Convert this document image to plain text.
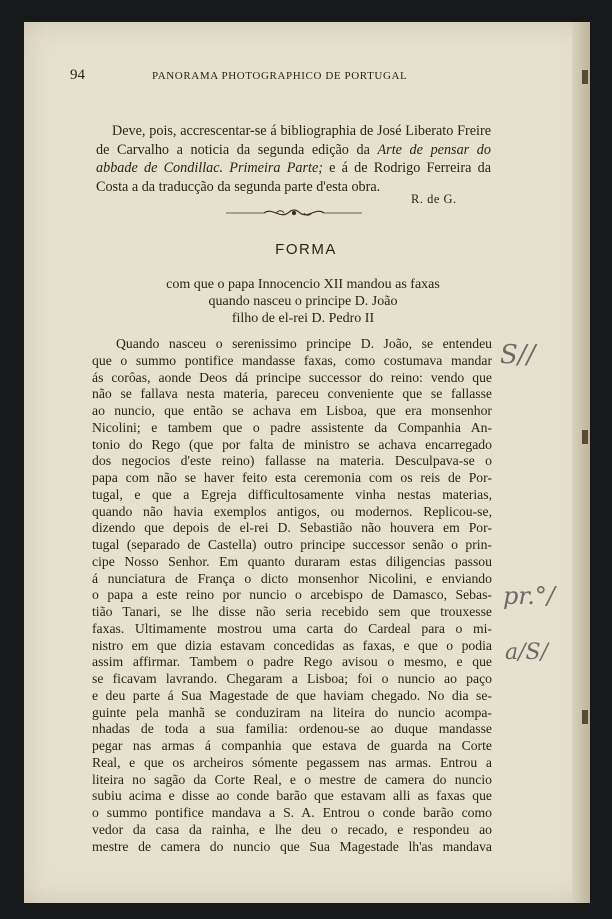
94	PANORAMA PHOTOGRAPHICO DE PORTUGAL

Deve, pois, accrescentar-se á bibliographia de José Liberato Freire de Carvalho a noticia da segunda edição da Arte de pensar do abbade de Condillac. Primeira Parte; e á de Rodrigo Ferreira da Costa a da traducção da segunda parte d'esta obra.

R. de G.
FORMA
com que o papa Innocencio XII mandou as faxas
quando nasceu o principe D. João
filho de el-rei D. Pedro II
Quando nasceu o serenissimo principe D. João, se entendeu
que o summo pontifice mandasse faxas, como costumava mandar
ás corôas, aonde Deos dá principe successor do reino: vendo que
não se fallava nesta materia, pareceu conveniente que se fallasse
ao nuncio, que então se achava em Lisboa, que era monsenhor
Nicolini; e tambem que o padre assistente da Companhia An-
tonio do Rego (que por falta de ministro se achava encarregado
dos negocios d'este reino) fallasse na materia. Desculpava-se o
papa com não se haver feito esta ceremonia com os reis de Por-
tugal, e que a Egreja difficultosamente vinha nestas materias,
quando não havia exemplos antigos, ou modernos. Replicou-se,
dizendo que depois de el-rei D. Sebastião não houvera em Por-
tugal (separado de Castella) outro principe successor senão o prin-
cipe Nosso Senhor. Em quanto duraram estas diligencias passou
á nunciatura de França o dicto monsenhor Nicolini, e enviando
o papa a este reino por nuncio o arcebispo de Damasco, Sebas-
tião Tanari, se lhe disse não seria recebido sem que trouxesse
faxas. Ultimamente mostrou uma carta do Cardeal para o mi-
nistro em que dizia estavam concedidas as faxas, e que o podia
assim affirmar. Tambem o padre Rego avisou o mesmo, e que
se ficavam lavrando. Chegaram a Lisboa; foi o nuncio ao paço
e deu parte á Sua Magestade de que haviam chegado. No dia se-
guinte pela manhã se conduziram na liteira do nuncio acompa-
nhadas de toda a sua familia: ordenou-se ao duque mandasse
pegar nas armas á companhia que estava de guarda na Corte
Real, e que os archeiros sómente pegassem nas armas. Entrou a
liteira no sagão da Corte Real, e o mestre de camera do nuncio
subiu acima e disse ao conde barão que estavam alli as faxas que
o summo pontifice mandava a S. A. Entrou o conde barão como
vedor da casa da rainha, e lhe deu o recado, e respondeu ao
mestre de camera do nuncio que Sua Magestade lh'as mandava
S//
pr.°/
a/S/
